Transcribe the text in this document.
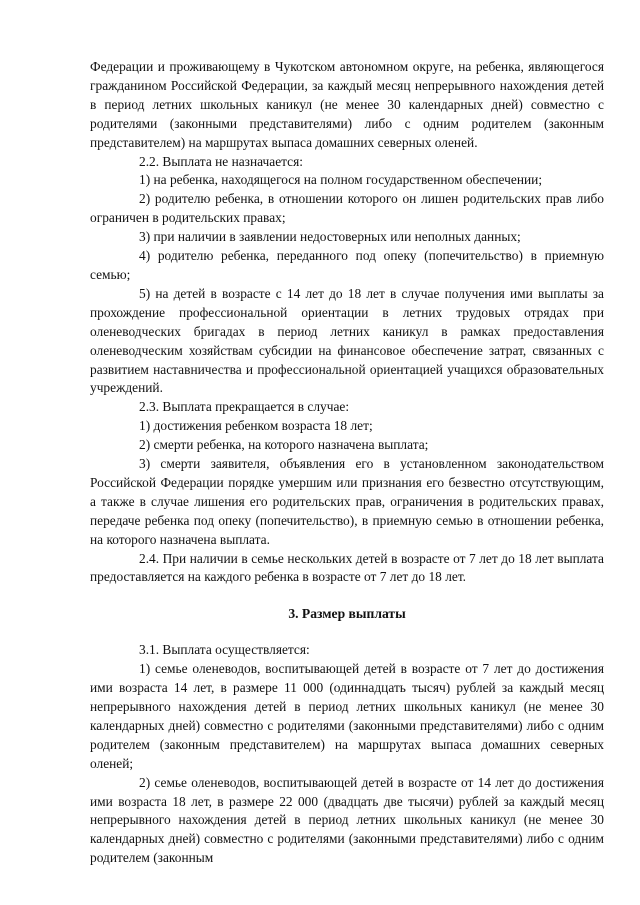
Федерации и проживающему в Чукотском автономном округе, на ребенка, являющегося гражданином Российской Федерации, за каждый месяц непрерывного нахождения детей в период летних школьных каникул (не менее 30 календарных дней) совместно с родителями (законными представителями) либо с одним родителем (законным представителем) на маршрутах выпаса домашних северных оленей.

2.2. Выплата не назначается:

1) на ребенка, находящегося на полном государственном обеспечении;

2) родителю ребенка, в отношении которого он лишен родительских прав либо ограничен в родительских правах;

3) при наличии в заявлении недостоверных или неполных данных;

4) родителю ребенка, переданного под опеку (попечительство) в приемную семью;

5) на детей в возрасте с 14 лет до 18 лет в случае получения ими выплаты за прохождение профессиональной ориентации в летних трудовых отрядах при оленеводческих бригадах в период летних каникул в рамках предоставления оленеводческим хозяйствам субсидии на финансовое обеспечение затрат, связанных с развитием наставничества и профессиональной ориентацией учащихся образовательных учреждений.

2.3. Выплата прекращается в случае:

1) достижения ребенком возраста 18 лет;

2) смерти ребенка, на которого назначена выплата;

3) смерти заявителя, объявления его в установленном законодательством Российской Федерации порядке умершим или признания его безвестно отсутствующим, а также в случае лишения его родительских прав, ограничения в родительских правах, передаче ребенка под опеку (попечительство), в приемную семью в отношении ребенка, на которого назначена выплата.

2.4. При наличии в семье нескольких детей в возрасте от 7 лет до 18 лет выплата предоставляется на каждого ребенка в возрасте от 7 лет до 18 лет.

3. Размер выплаты

3.1. Выплата осуществляется:

1) семье оленеводов, воспитывающей детей в возрасте от 7 лет до достижения ими возраста 14 лет, в размере 11 000 (одиннадцать тысяч) рублей за каждый месяц непрерывного нахождения детей в период летних школьных каникул (не менее 30 календарных дней) совместно с родителями (законными представителями) либо с одним родителем (законным представителем) на маршрутах выпаса домашних северных оленей;

2) семье оленеводов, воспитывающей детей в возрасте от 14 лет до достижения ими возраста 18 лет, в размере 22 000 (двадцать две тысячи) рублей за каждый месяц непрерывного нахождения детей в период летних школьных каникул (не менее 30 календарных дней) совместно с родителями (законными представителями) либо с одним родителем (законным
